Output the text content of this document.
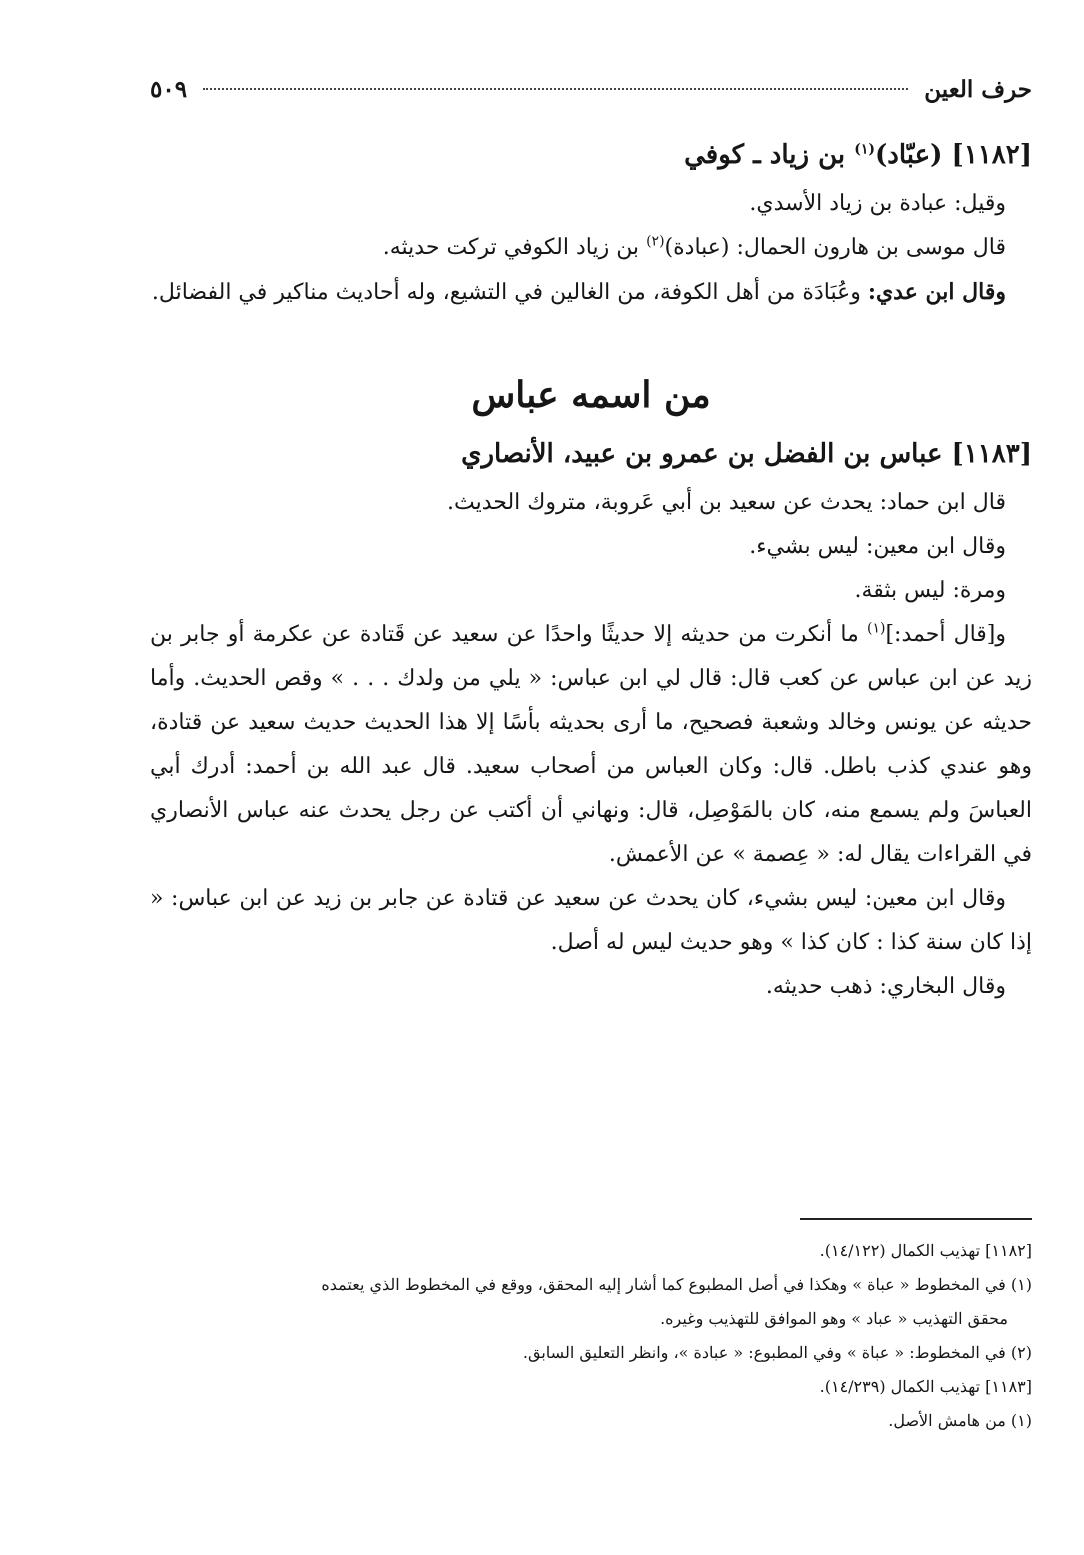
حرف العين
٥٠٩

[١١٨٢] (عبّاد)$^{(١)}$ بن زياد ـ كوفي

وقيل: عبادة بن زياد الأسدي.

قال موسى بن هارون الحمال: (عبادة)$^{(٢)}$ بن زياد الكوفي تركت حديثه.

وقال ابن عدي: وعُبَادَة من أهل الكوفة، من الغالين في التشيع، وله أحاديث مناكير في الفضائل.

من اسمه عباس

[١١٨٣] عباس بن الفضل بن عمرو بن عبيد، الأنصاري

قال ابن حماد: يحدث عن سعيد بن أبي عَروبة، متروك الحديث.

وقال ابن معين: ليس بشيء.

ومرة: ليس بثقة.

و[قال أحمد:]$^{(١)}$ ما أنكرت من حديثه إلا حديثًا واحدًا عن سعيد عن قَتادة عن عكرمة أو جابر بن زيد عن ابن عباس عن كعب قال: قال لي ابن عباس: « يلي من ولدك . . . » وقص الحديث. وأما حديثه عن يونس وخالد وشعبة فصحيح، ما أرى بحديثه بأسًا إلا هذا الحديث حديث سعيد عن قتادة، وهو عندي كذب باطل. قال: وكان العباس من أصحاب سعيد. قال عبد الله بن أحمد: أدرك أبي العباسَ ولم يسمع منه، كان بالمَوْصِل، قال: ونهاني أن أكتب عن رجل يحدث عنه عباس الأنصاري في القراءات يقال له: « عِصمة » عن الأعمش.

وقال ابن معين: ليس بشيء، كان يحدث عن سعيد عن قتادة عن جابر بن زيد عن ابن عباس: « إذا كان سنة كذا : كان كذا » وهو حديث ليس له أصل.

وقال البخاري: ذهب حديثه.

[١١٨٢] تهذيب الكمال (١٤/١٢٢).

(١) في المخطوط « عباة » وهكذا في أصل المطبوع كما أشار إليه المحقق، ووقع في المخطوط الذي يعتمده

محقق التهذيب « عباد » وهو الموافق للتهذيب وغيره.

(٢) في المخطوط: « عباة » وفي المطبوع: « عبادة »، وانظر التعليق السابق.

[١١٨٣] تهذيب الكمال (١٤/٢٣٩).

(١) من هامش الأصل.
